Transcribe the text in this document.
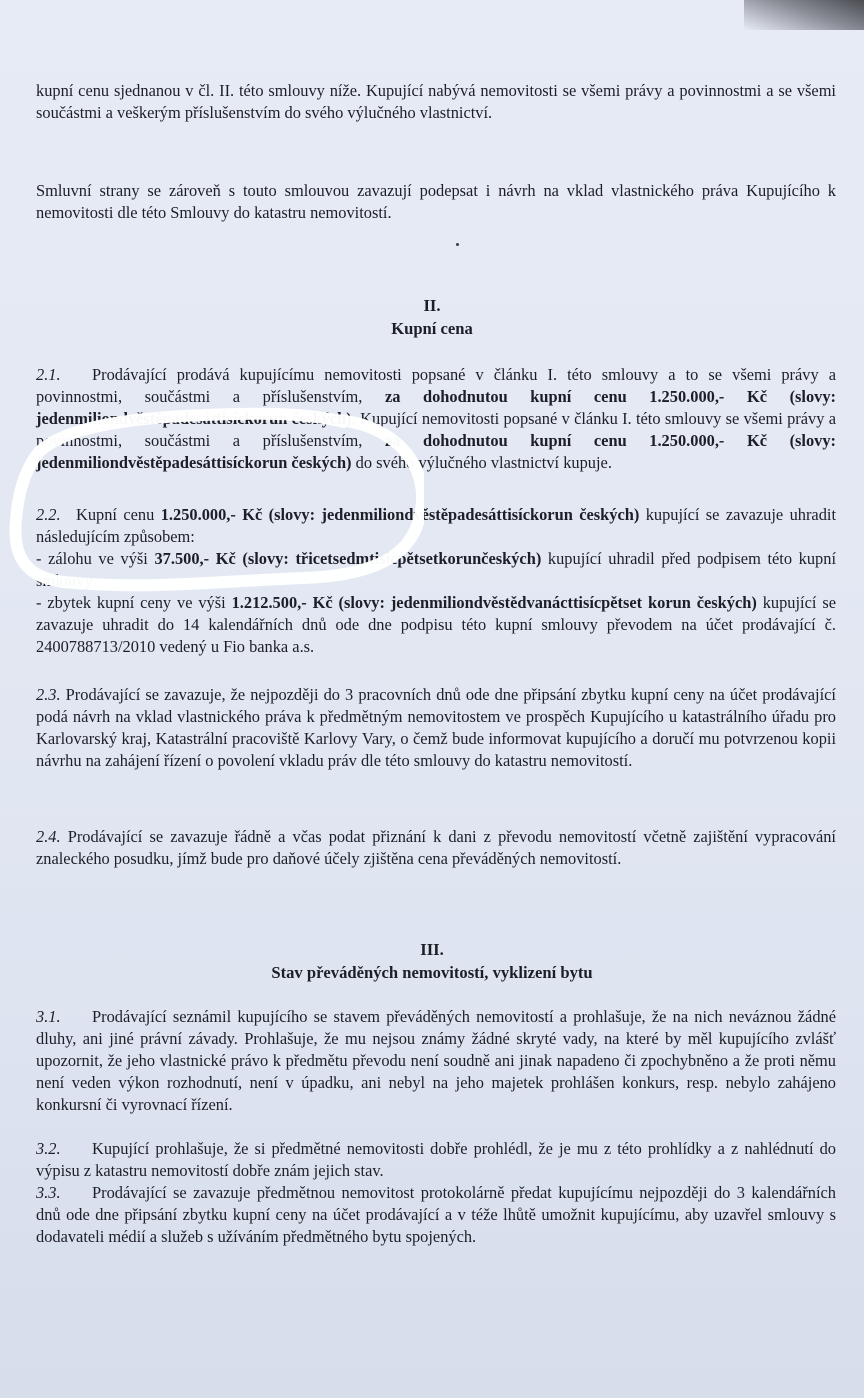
kupní cenu sjednanou v čl. II. této smlouvy níže. Kupující nabývá nemovitosti se všemi právy a povinnostmi a se všemi součástmi a veškerým příslušenstvím do svého výlučného vlastnictví.

Smluvní strany se zároveň s touto smlouvou zavazují podepsat i návrh na vklad vlastnického práva Kupujícího k nemovitosti dle této Smlouvy do katastru nemovitostí.

II.
Kupní cena

2.1. Prodávající prodává kupujícímu nemovitosti popsané v článku I. této smlouvy a to se všemi právy a povinnostmi, součástmi a příslušenstvím, za dohodnutou kupní cenu 1.250.000,- Kč (slovy: jedenmiliondvěstěpadesáttisíckorun českých). Kupující nemovitosti popsané v článku I. této smlouvy se všemi právy a povinnostmi, součástmi a příslušenstvím, za dohodnutou kupní cenu 1.250.000,- Kč (slovy: jedenmiliondvěstěpadesáttisíckorun českých) do svého výlučného vlastnictví kupuje.

2.2. Kupní cenu 1.250.000,- Kč (slovy: jedenmiliondvěstěpadesáttisíckorun českých) kupující se zavazuje uhradit následujícím způsobem:

- zálohu ve výši 37.500,- Kč (slovy: třicetsedmtisícpětsetkorunčeských) kupující uhradil před podpisem této kupní smlouvy

- zbytek kupní ceny ve výši 1.212.500,- Kč (slovy: jedenmiliondvěstědvanácttisícpětset korun českých) kupující se zavazuje uhradit do 14 kalendářních dnů ode dne podpisu této kupní smlouvy převodem na účet prodávající č. 2400788713/2010 vedený u Fio banka a.s.

2.3. Prodávající se zavazuje, že nejpozději do 3 pracovních dnů ode dne připsání zbytku kupní ceny na účet prodávající podá návrh na vklad vlastnického práva k předmětným nemovitostem ve prospěch Kupujícího u katastrálního úřadu pro Karlovarský kraj, Katastrální pracoviště Karlovy Vary, o čemž bude informovat kupujícího a doručí mu potvrzenou kopii návrhu na zahájení řízení o povolení vkladu práv dle této smlouvy do katastru nemovitostí.

2.4. Prodávající se zavazuje řádně a včas podat přiznání k dani z převodu nemovitostí včetně zajištění vypracování znaleckého posudku, jímž bude pro daňové účely zjištěna cena převáděných nemovitostí.

III.
Stav převáděných nemovitostí, vyklizení bytu

3.1. Prodávající seznámil kupujícího se stavem převáděných nemovitostí a prohlašuje, že na nich neváznou žádné dluhy, ani jiné právní závady. Prohlašuje, že mu nejsou známy žádné skryté vady, na které by měl kupujícího zvlášť upozornit, že jeho vlastnické právo k předmětu převodu není soudně ani jinak napadeno či zpochybněno a že proti němu není veden výkon rozhodnutí, není v úpadku, ani nebyl na jeho majetek prohlášen konkurs, resp. nebylo zahájeno konkursní či vyrovnací řízení.

3.2. Kupující prohlašuje, že si předmětné nemovitosti dobře prohlédl, že je mu z této prohlídky a z nahlédnutí do výpisu z katastru nemovitostí dobře znám jejich stav.

3.3. Prodávající se zavazuje předmětnou nemovitost protokolárně předat kupujícímu nejpozději do 3 kalendářních dnů ode dne připsání zbytku kupní ceny na účet prodávající a v téže lhůtě umožnit kupujícímu, aby uzavřel smlouvy s dodavateli médií a služeb s užíváním předmětného bytu spojených.
